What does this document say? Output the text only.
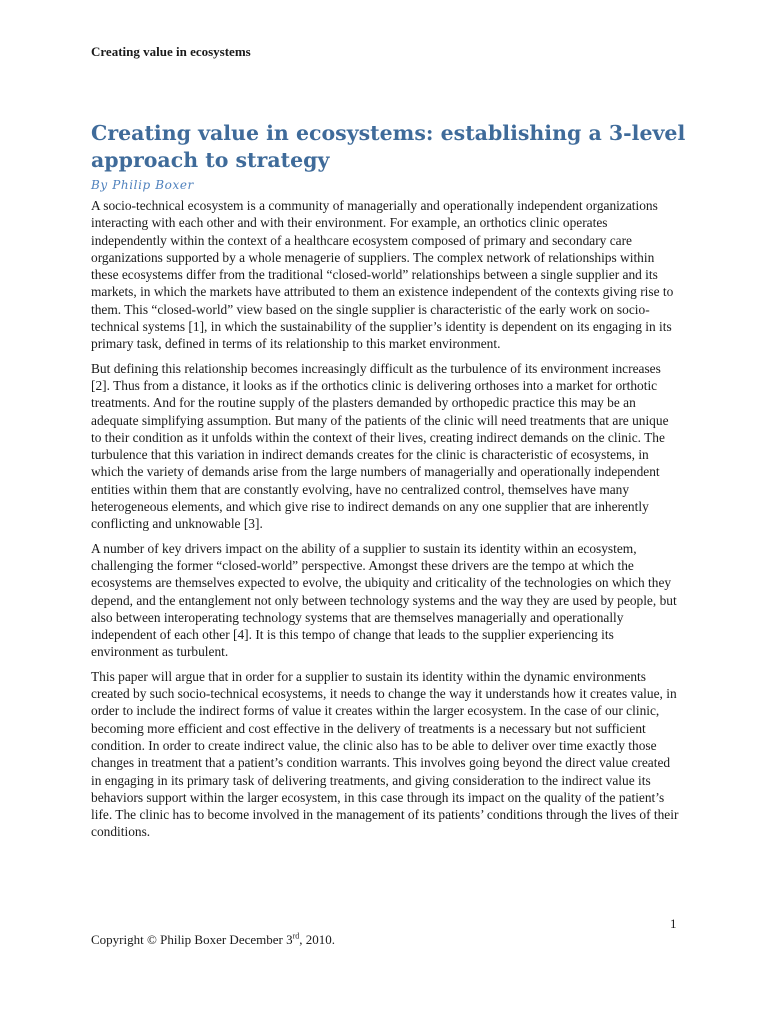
Creating value in ecosystems
Creating value in ecosystems: establishing a 3-level approach to strategy
By Philip Boxer

A socio-technical ecosystem is a community of managerially and operationally independent organizations interacting with each other and with their environment. For example, an orthotics clinic operates independently within the context of a healthcare ecosystem composed of primary and secondary care organizations supported by a whole menagerie of suppliers. The complex network of relationships within these ecosystems differ from the traditional “closed-world” relationships between a single supplier and its markets, in which the markets have attributed to them an existence independent of the contexts giving rise to them. This “closed-world” view based on the single supplier is characteristic of the early work on socio-technical systems [1], in which the sustainability of the supplier’s identity is dependent on its engaging in its primary task, defined in terms of its relationship to this market environment.

But defining this relationship becomes increasingly difficult as the turbulence of its environment increases [2]. Thus from a distance, it looks as if the orthotics clinic is delivering orthoses into a market for orthotic treatments. And for the routine supply of the plasters demanded by orthopedic practice this may be an adequate simplifying assumption. But many of the patients of the clinic will need treatments that are unique to their condition as it unfolds within the context of their lives, creating indirect demands on the clinic. The turbulence that this variation in indirect demands creates for the clinic is characteristic of ecosystems, in which the variety of demands arise from the large numbers of managerially and operationally independent entities within them that are constantly evolving, have no centralized control, themselves have many heterogeneous elements, and which give rise to indirect demands on any one supplier that are inherently conflicting and unknowable [3].

A number of key drivers impact on the ability of a supplier to sustain its identity within an ecosystem, challenging the former “closed-world” perspective. Amongst these drivers are the tempo at which the ecosystems are themselves expected to evolve, the ubiquity and criticality of the technologies on which they depend, and the entanglement not only between technology systems and the way they are used by people, but also between interoperating technology systems that are themselves managerially and operationally independent of each other [4]. It is this tempo of change that leads to the supplier experiencing its environment as turbulent.

This paper will argue that in order for a supplier to sustain its identity within the dynamic environments created by such socio-technical ecosystems, it needs to change the way it understands how it creates value, in order to include the indirect forms of value it creates within the larger ecosystem. In the case of our clinic, becoming more efficient and cost effective in the delivery of treatments is a necessary but not sufficient condition. In order to create indirect value, the clinic also has to be able to deliver over time exactly those changes in treatment that a patient’s condition warrants. This involves going beyond the direct value created in engaging in its primary task of delivering treatments, and giving consideration to the indirect value its behaviors support within the larger ecosystem, in this case through its impact on the quality of the patient’s life. The clinic has to become involved in the management of its patients’ conditions through the lives of their conditions.

1
Copyright © Philip Boxer December 3rd, 2010.
